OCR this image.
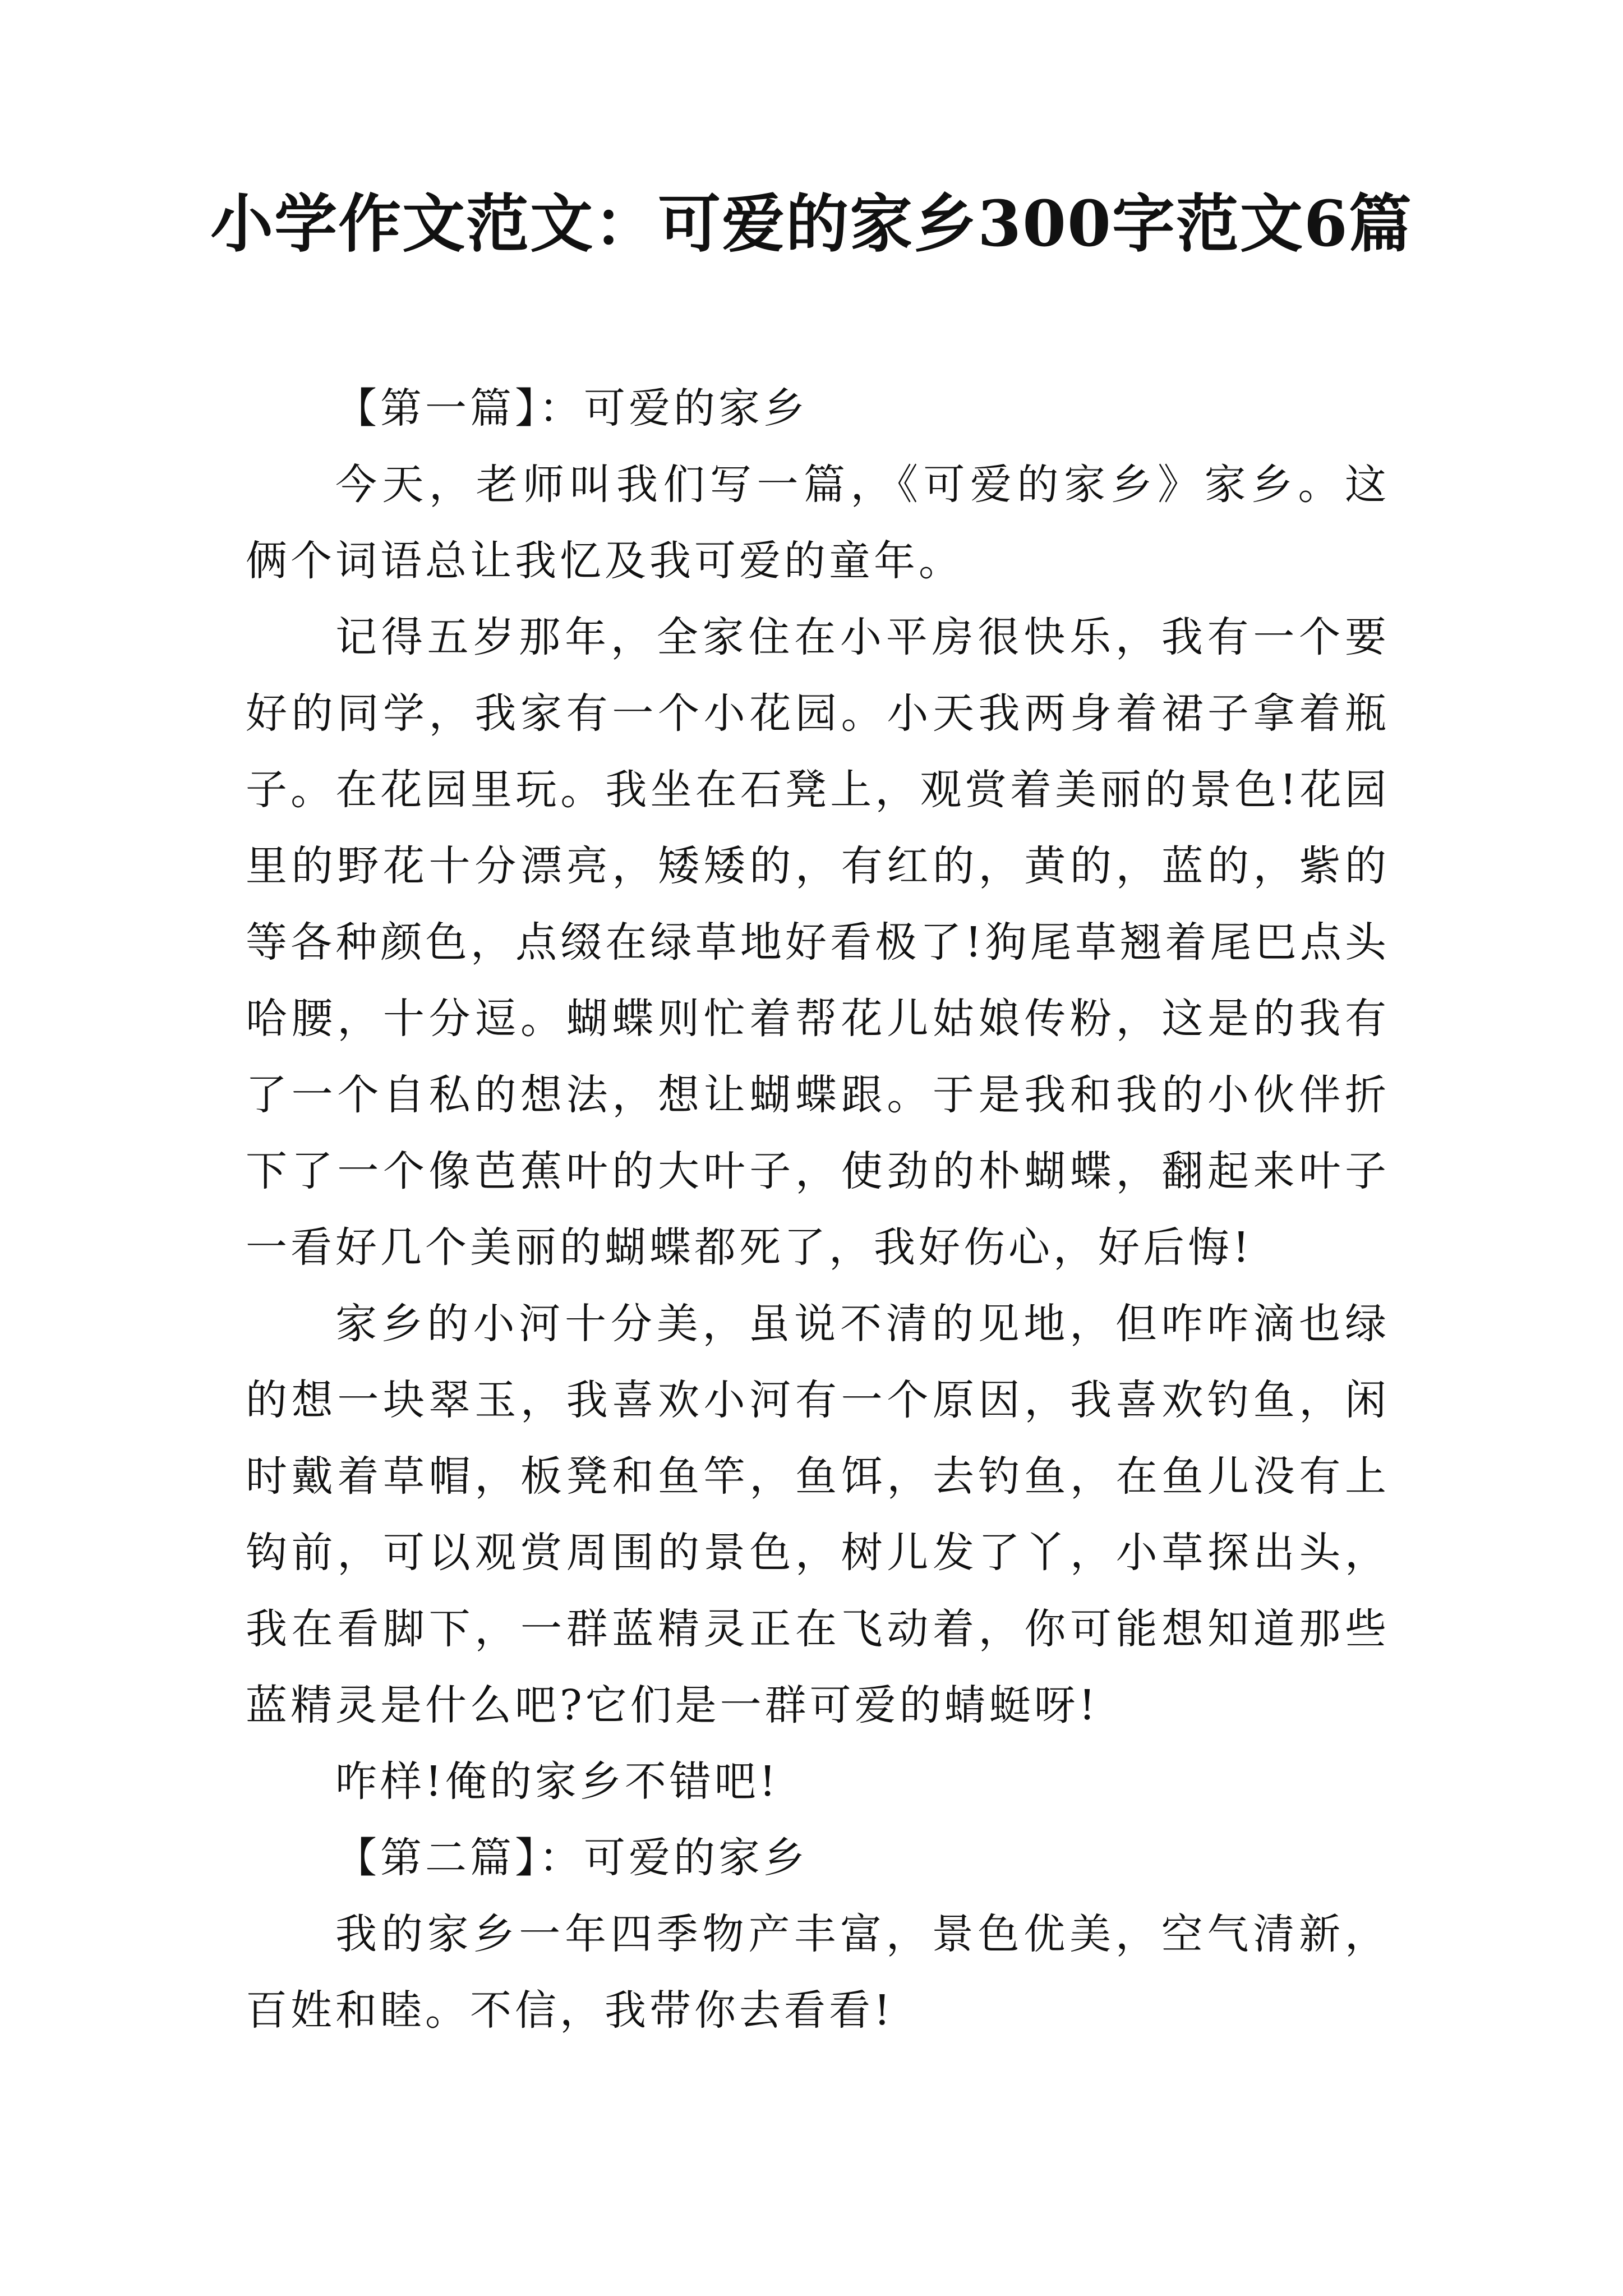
小学作文范文：可爱的家乡300字范文6篇

【第一篇】：可爱的家乡

今天，老师叫我们写一篇，《可爱的家乡》家乡。这俩个词语总让我忆及我可爱的童年。

记得五岁那年，全家住在小平房很快乐，我有一个要好的同学，我家有一个小花园。小天我两身着裙子拿着瓶子。在花园里玩。我坐在石凳上，观赏着美丽的景色!花园里的野花十分漂亮，矮矮的，有红的，黄的，蓝的，紫的等各种颜色，点缀在绿草地好看极了!狗尾草翘着尾巴点头哈腰，十分逗。蝴蝶则忙着帮花儿姑娘传粉，这是的我有了一个自私的想法，想让蝴蝶跟。于是我和我的小伙伴折下了一个像芭蕉叶的大叶子，使劲的朴蝴蝶，翻起来叶子一看好几个美丽的蝴蝶都死了，我好伤心，好后悔!

家乡的小河十分美，虽说不清的见地，但咋咋滴也绿的想一块翠玉，我喜欢小河有一个原因，我喜欢钓鱼，闲时戴着草帽，板凳和鱼竿，鱼饵，去钓鱼，在鱼儿没有上钩前，可以观赏周围的景色，树儿发了丫，小草探出头，我在看脚下，一群蓝精灵正在飞动着，你可能想知道那些蓝精灵是什么吧?它们是一群可爱的蜻蜓呀!

咋样!俺的家乡不错吧!

【第二篇】：可爱的家乡

我的家乡一年四季物产丰富，景色优美，空气清新，百姓和睦。不信，我带你去看看!
